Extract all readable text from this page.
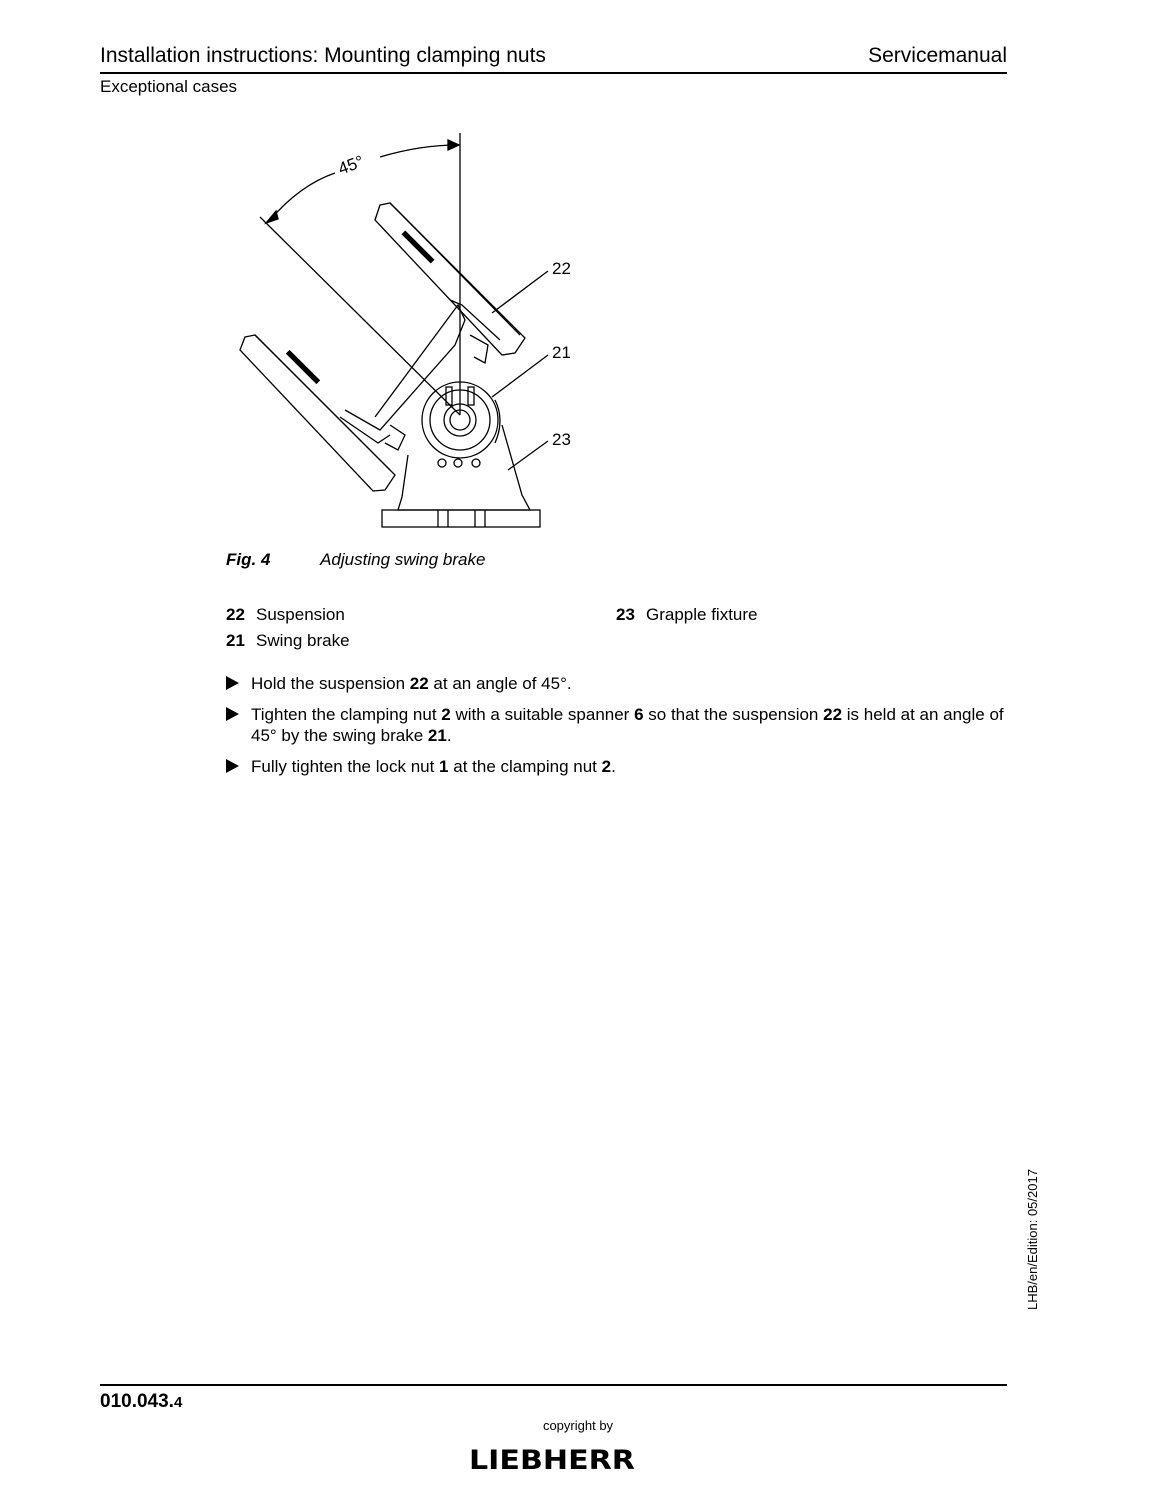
Installation instructions: Mounting clamping nuts	Servicemanual
Exceptional cases
45°
22
21
23
Fig. 4	Adjusting swing brake
22 Suspension
21 Swing brake
23 Grapple fixture
Hold the suspension 22 at an angle of 45°.
Tighten the clamping nut 2 with a suitable spanner 6 so that the suspension 22 is held at an angle of 45° by the swing brake 21.
Fully tighten the lock nut 1 at the clamping nut 2.
LHB/en/Edition: 05/2017
010.043.4
copyright by
LIEBHERR
